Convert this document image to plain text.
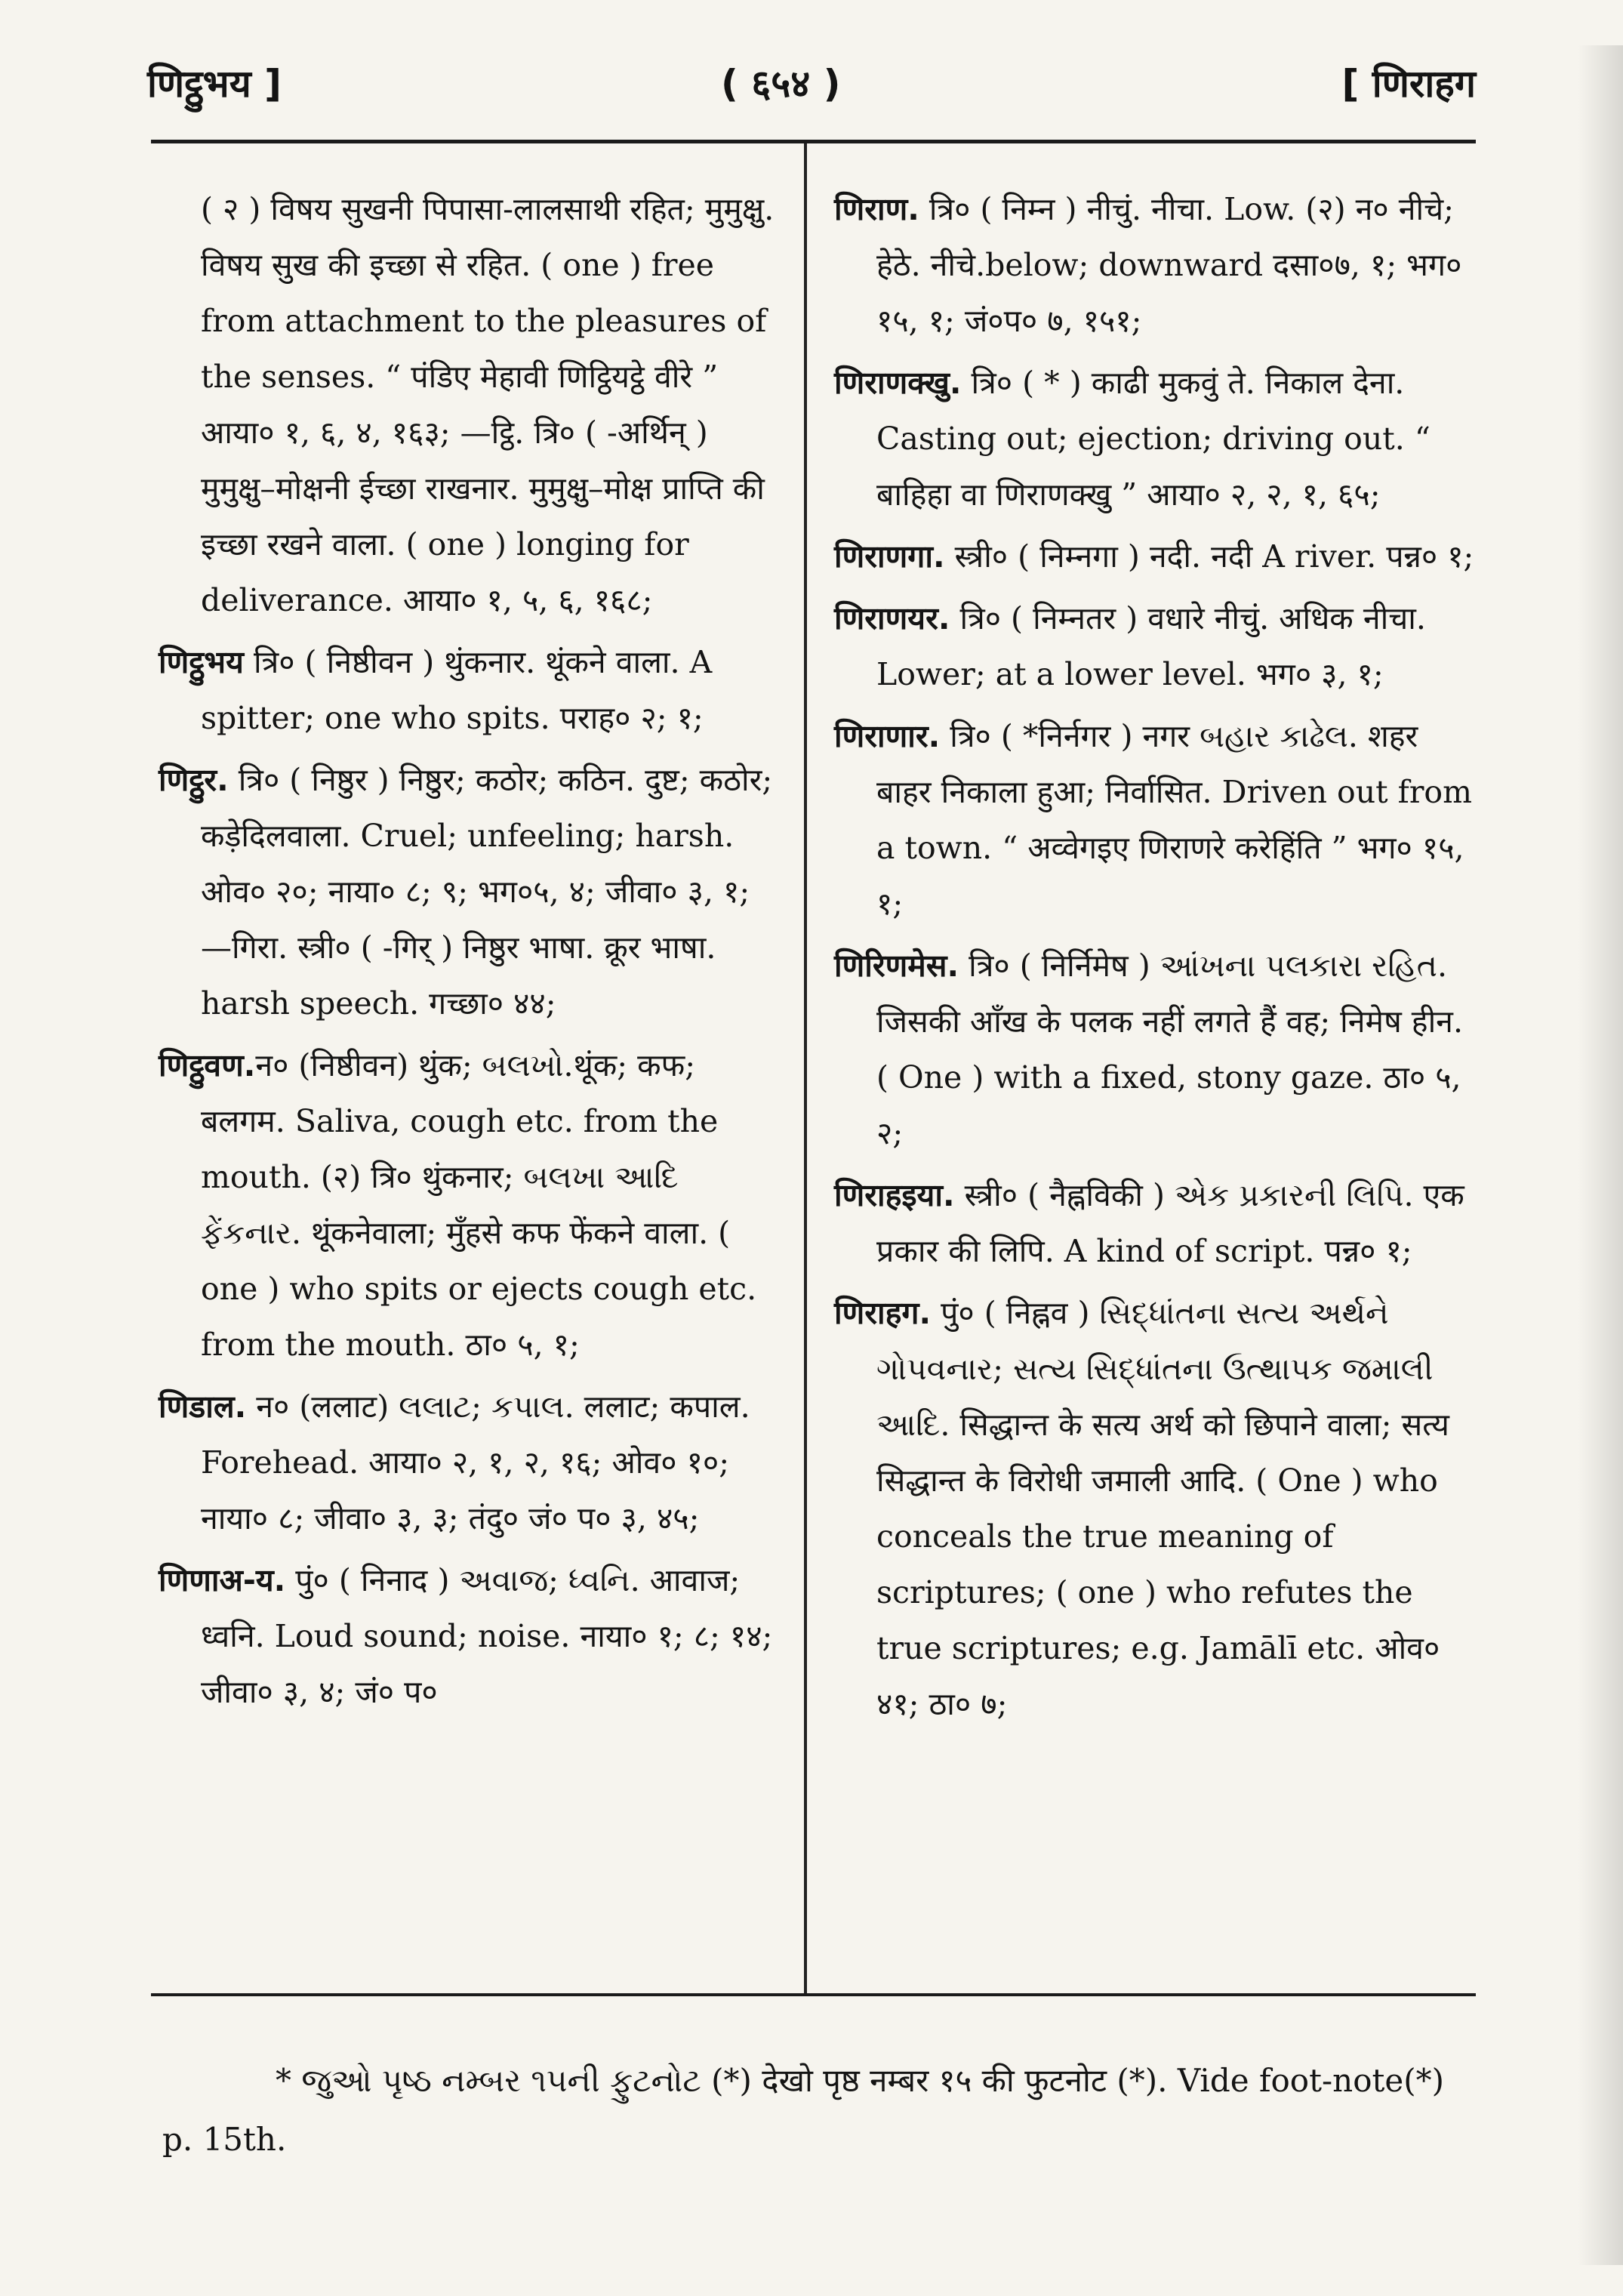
णिट्ठुभय ]	( ६५४ )	[ णिराहग

( २ ) विषय सुखनी पिपासा-लालसाथी रहित; मुमुक्षु. विषय सुख की इच्छा से रहित. ( one ) free from attachment to the pleasures of the senses. “ पंडिए मेहावी णिट्ठियट्ठे वीरे ” आया० १, ६, ४, १६३; —ट्ठि. त्रि० ( -अर्थिन् ) मुमुक्षु–मोक्षनी ईच्छा राखनार. मुमुक्षु–मोक्ष प्राप्ति की इच्छा रखने वाला. ( one ) longing for deliverance. आया० १, ५, ६, १६८;

णिट्ठुभय त्रि० ( निष्ठीवन ) थुंकनार. थूंकने वाला. A spitter; one who spits. पराह० २; १;

णिट्ठुर. त्रि० ( निष्ठुर ) निष्ठुर; कठोर; कठिन. दुष्ट; कठोर; कड़ेदिलवाला. Cruel; unfeeling; harsh. ओव० २०; नाया० ८; ९; भग०५, ४; जीवा० ३, १; —गिरा. स्त्री० ( -गिर् ) निष्ठुर भाषा. क्रूर भाषा. harsh speech. गच्छा० ४४;

णिट्ठुवण.न० (निष्ठीवन) थुंक; બલખો.थूंक; कफ; बलगम. Saliva, cough etc. from the mouth. (२) त्रि० थुंकनार; બલખા આદિ ફેંકનાર. थूंकनेवाला; मुँहसे कफ फेंकने वाला. ( one ) who spits or ejects cough etc. from the mouth. ठा० ५, १;

णिडाल. न० (ललाट) લલાટ; કપાલ. ललाट; कपाल. Forehead. आया० २, १, २, १६; ओव० १०; नाया० ८; जीवा० ३, ३; तंदु० जं० प० ३, ४५;

णिणाअ-य. पुं० ( निनाद ) અવાજ; ધ્વનિ. आवाज; ध्वनि. Loud sound; noise. नाया० १; ८; १४; जीवा० ३, ४; जं० प०

णिराण. त्रि० ( निम्न ) नीचुं. नीचा. Low. (२) न० नीचे; हेठे. नीचे.below; downward दसा०७, १; भग० १५, १; जं०प० ७, १५१;

णिराणक्खु. त्रि० ( * ) काढी मुकवुं ते. निकाल देना. Casting out; ejection; driving out. “ बाहिहा वा णिराणक्खु ” आया० २, २, १, ६५;

णिराणगा. स्त्री० ( निम्नगा ) नदी. नदी A river. पन्न० १;

णिराणयर. त्रि० ( निम्नतर ) वधारे नीचुं. अधिक नीचा. Lower; at a lower level. भग० ३, १;

णिराणार. त्रि० ( *निर्नगर ) नगर બહાર કાઢેલ. शहर बाहर निकाला हुआ; निर्वासित. Driven out from a town. “ अव्वेगइए णिराणरे करेहिंति ” भग० १५, १;

णिरिणमेस. त्रि० ( निर्निमेष ) આંખના પલકારા રહિત. जिसकी आँख के पलक नहीं लगते हैं वह; निमेष हीन. ( One ) with a fixed, stony gaze. ठा० ५, २;

णिराहइया. स्त्री० ( नैह्नविकी ) એક પ્રકારની લિપિ. एक प्रकार की लिपि. A kind of script. पन्न० १;

णिराहग. पुं० ( निह्नव ) સિદ્ધાંતના સત્ય અર્થને ગોપવનાર; સત્ય સિદ્ધાંતના ઉત્થાપક જમાલી આદિ. सिद्धान्त के सत्य अर्थ को छिपाने वाला; सत्य सिद्धान्त के विरोधी जमाली आदि. ( One ) who conceals the true meaning of scriptures; ( one ) who refutes the true scriptures; e.g. Jamālī etc. ओव० ४१; ठा० ७;

* જુઓ પૃષ્ઠ નમ્બર ૧૫ની ફુટનોટ (*) देखो पृष्ठ नम्बर १५ की फुटनोट (*). Vide foot-note(*) p. 15th.
